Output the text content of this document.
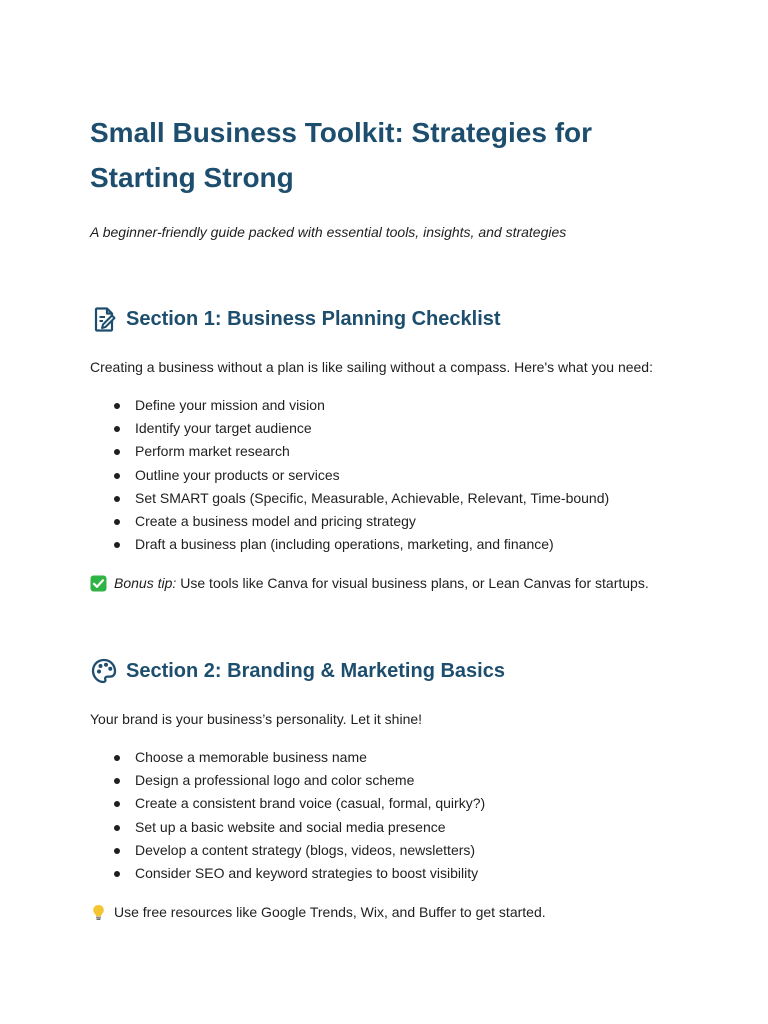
Small Business Toolkit: Strategies for Starting Strong

A beginner-friendly guide packed with essential tools, insights, and strategies

Section 1: Business Planning Checklist

Creating a business without a plan is like sailing without a compass. Here's what you need:

Define your mission and vision
Identify your target audience
Perform market research
Outline your products or services
Set SMART goals (Specific, Measurable, Achievable, Relevant, Time-bound)
Create a business model and pricing strategy
Draft a business plan (including operations, marketing, and finance)

Bonus tip: Use tools like Canva for visual business plans, or Lean Canvas for startups.

Section 2: Branding & Marketing Basics

Your brand is your business’s personality. Let it shine!

Choose a memorable business name
Design a professional logo and color scheme
Create a consistent brand voice (casual, formal, quirky?)
Set up a basic website and social media presence
Develop a content strategy (blogs, videos, newsletters)
Consider SEO and keyword strategies to boost visibility

Use free resources like Google Trends, Wix, and Buffer to get started.
